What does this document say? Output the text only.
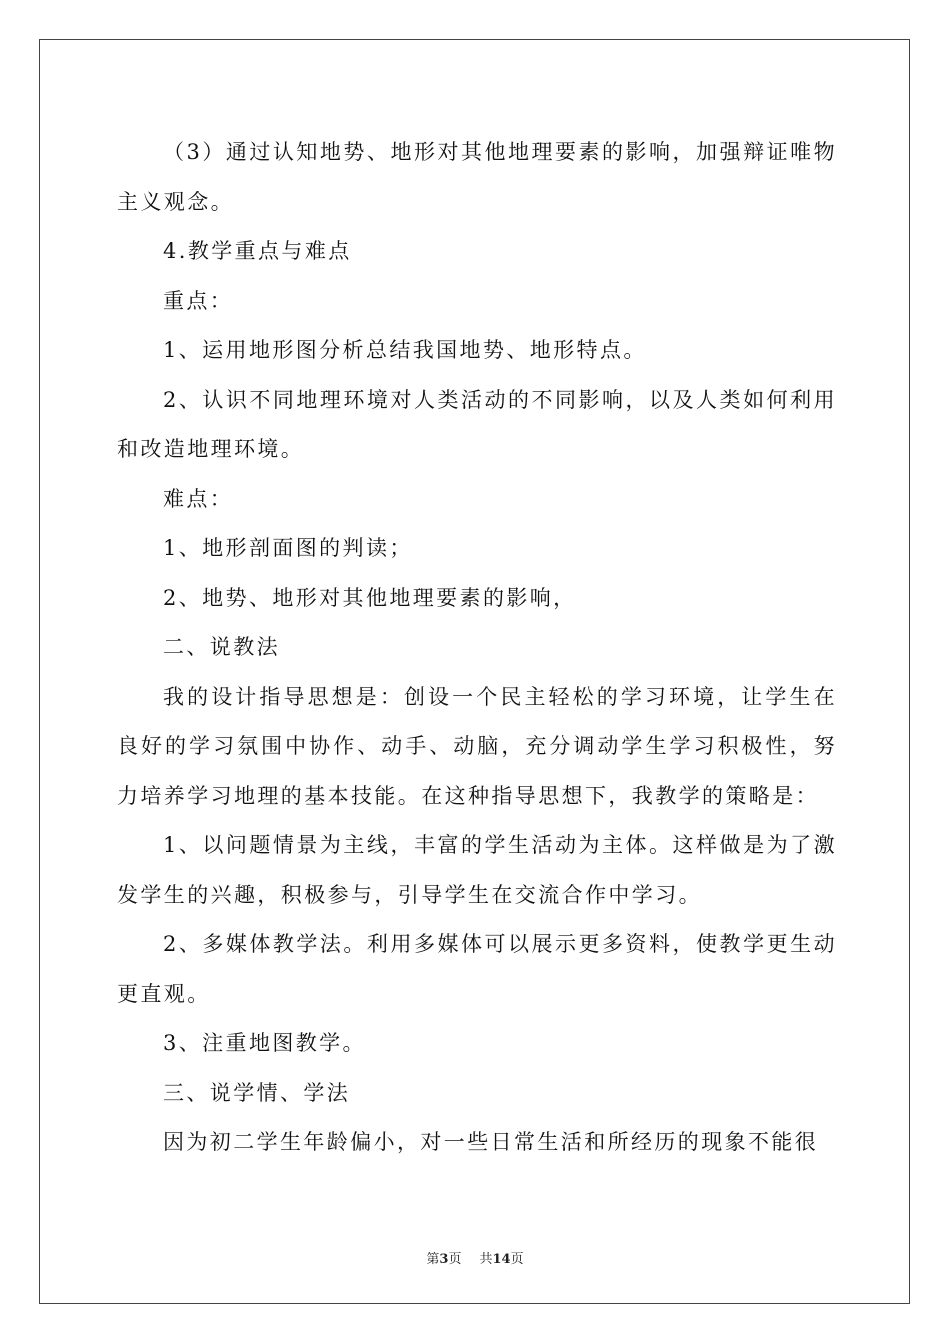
（3）通过认知地势、地形对其他地理要素的影响，加强辩证唯物主义观念。

4.教学重点与难点

重点：

1、运用地形图分析总结我国地势、地形特点。

2、认识不同地理环境对人类活动的不同影响，以及人类如何利用和改造地理环境。

难点：

1、地形剖面图的判读；

2、地势、地形对其他地理要素的影响，

二、说教法

我的设计指导思想是：创设一个民主轻松的学习环境，让学生在良好的学习氛围中协作、动手、动脑，充分调动学生学习积极性，努力培养学习地理的基本技能。在这种指导思想下，我教学的策略是：

1、以问题情景为主线，丰富的学生活动为主体。这样做是为了激发学生的兴趣，积极参与，引导学生在交流合作中学习。

2、多媒体教学法。利用多媒体可以展示更多资料，使教学更生动更直观。

3、注重地图教学。

三、说学情、学法

因为初二学生年龄偏小，对一些日常生活和所经历的现象不能很

第3页 共14页
